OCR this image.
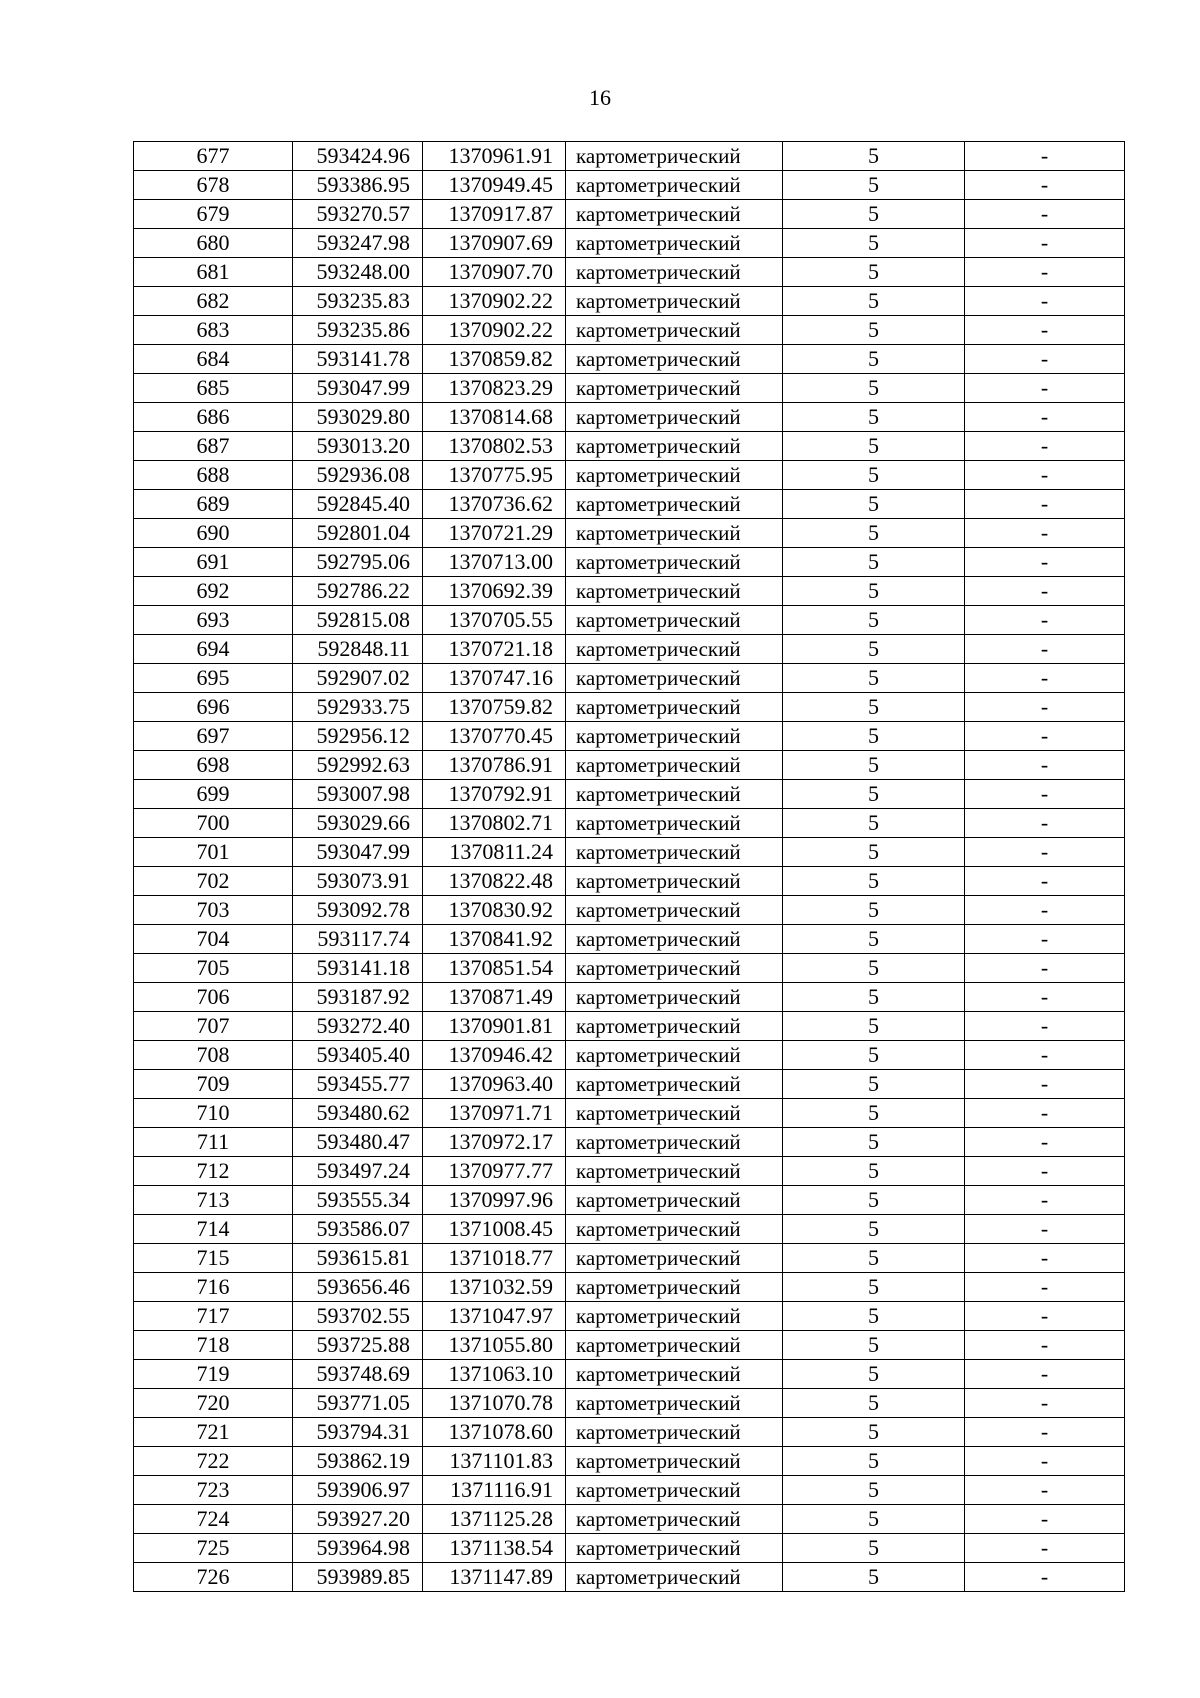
16
677	593424.96	1370961.91	картометрический	5	-
678	593386.95	1370949.45	картометрический	5	-
679	593270.57	1370917.87	картометрический	5	-
680	593247.98	1370907.69	картометрический	5	-
681	593248.00	1370907.70	картометрический	5	-
682	593235.83	1370902.22	картометрический	5	-
683	593235.86	1370902.22	картометрический	5	-
684	593141.78	1370859.82	картометрический	5	-
685	593047.99	1370823.29	картометрический	5	-
686	593029.80	1370814.68	картометрический	5	-
687	593013.20	1370802.53	картометрический	5	-
688	592936.08	1370775.95	картометрический	5	-
689	592845.40	1370736.62	картометрический	5	-
690	592801.04	1370721.29	картометрический	5	-
691	592795.06	1370713.00	картометрический	5	-
692	592786.22	1370692.39	картометрический	5	-
693	592815.08	1370705.55	картометрический	5	-
694	592848.11	1370721.18	картометрический	5	-
695	592907.02	1370747.16	картометрический	5	-
696	592933.75	1370759.82	картометрический	5	-
697	592956.12	1370770.45	картометрический	5	-
698	592992.63	1370786.91	картометрический	5	-
699	593007.98	1370792.91	картометрический	5	-
700	593029.66	1370802.71	картометрический	5	-
701	593047.99	1370811.24	картометрический	5	-
702	593073.91	1370822.48	картометрический	5	-
703	593092.78	1370830.92	картометрический	5	-
704	593117.74	1370841.92	картометрический	5	-
705	593141.18	1370851.54	картометрический	5	-
706	593187.92	1370871.49	картометрический	5	-
707	593272.40	1370901.81	картометрический	5	-
708	593405.40	1370946.42	картометрический	5	-
709	593455.77	1370963.40	картометрический	5	-
710	593480.62	1370971.71	картометрический	5	-
711	593480.47	1370972.17	картометрический	5	-
712	593497.24	1370977.77	картометрический	5	-
713	593555.34	1370997.96	картометрический	5	-
714	593586.07	1371008.45	картометрический	5	-
715	593615.81	1371018.77	картометрический	5	-
716	593656.46	1371032.59	картометрический	5	-
717	593702.55	1371047.97	картометрический	5	-
718	593725.88	1371055.80	картометрический	5	-
719	593748.69	1371063.10	картометрический	5	-
720	593771.05	1371070.78	картометрический	5	-
721	593794.31	1371078.60	картометрический	5	-
722	593862.19	1371101.83	картометрический	5	-
723	593906.97	1371116.91	картометрический	5	-
724	593927.20	1371125.28	картометрический	5	-
725	593964.98	1371138.54	картометрический	5	-
726	593989.85	1371147.89	картометрический	5	-
